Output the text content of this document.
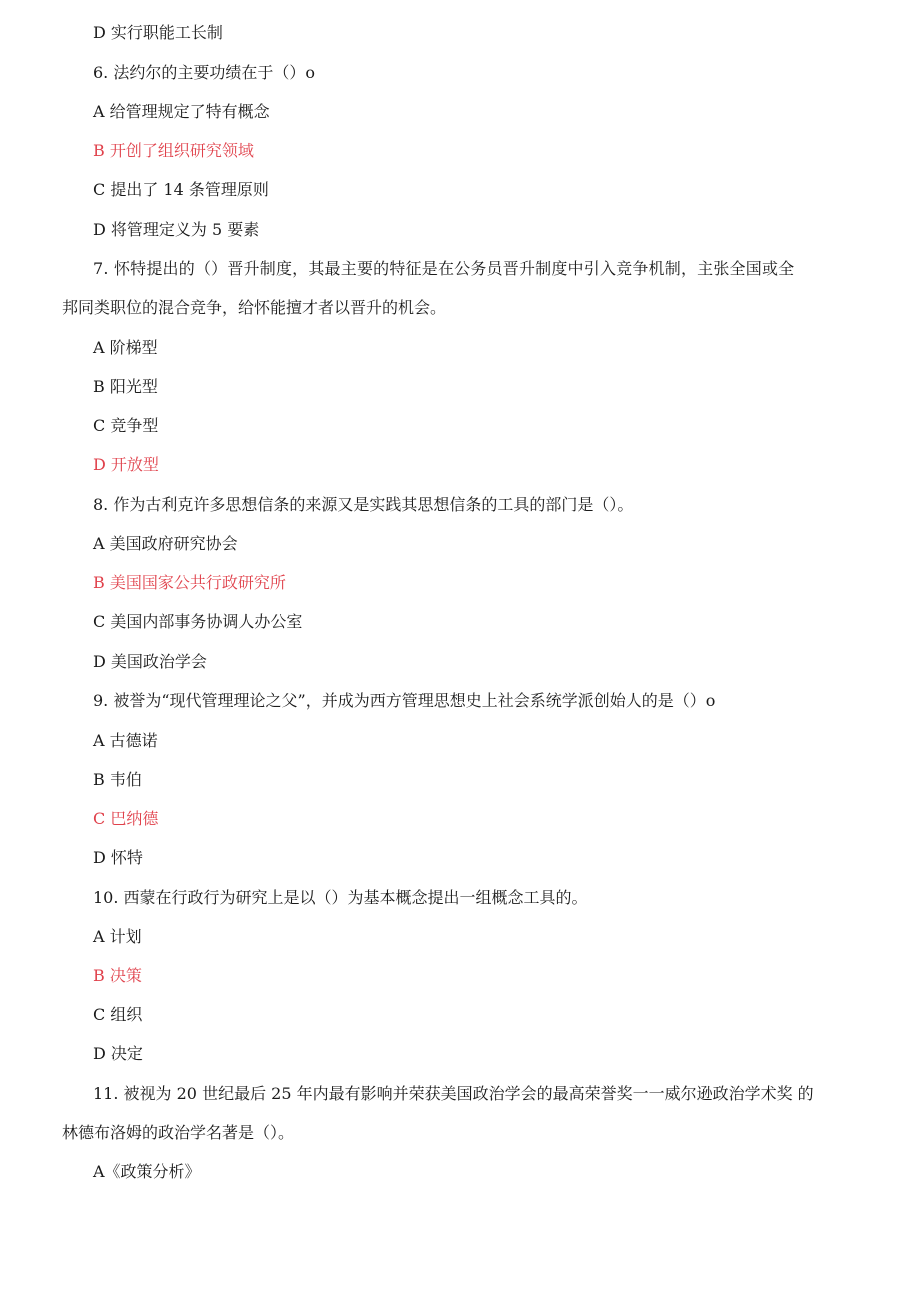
D 实行职能工长制
6. 法约尔的主要功绩在于（）o
A 给管理规定了特有概念
B 开创了组织研究领域
C 提出了 14 条管理原则
D 将管理定义为 5 要素
7. 怀特提出的（）晋升制度，其最主要的特征是在公务员晋升制度中引入竞争机制，主张全国或全
邦同类职位的混合竞争，给怀能擅才者以晋升的机会。
A 阶梯型
B 阳光型
C 竞争型
D 开放型
8. 作为古利克许多思想信条的来源又是实践其思想信条的工具的部门是（）。
A 美国政府研究协会
B 美国国家公共行政研究所
C 美国内部事务协调人办公室
D 美国政治学会
9. 被誉为“现代管理理论之父”，并成为西方管理思想史上社会系统学派创始人的是（）o
A 古德诺
B 韦伯
C 巴纳德
D 怀特
10. 西蒙在行政行为研究上是以（）为基本概念提出一组概念工具的。
A 计划
B 决策
C 组织
D 决定
11. 被视为 20 世纪最后 25 年内最有影响并荣获美国政治学会的最高荣誉奖一一威尔逊政治学术奖 的
林德布洛姆的政治学名著是（）。
A《政策分析》
